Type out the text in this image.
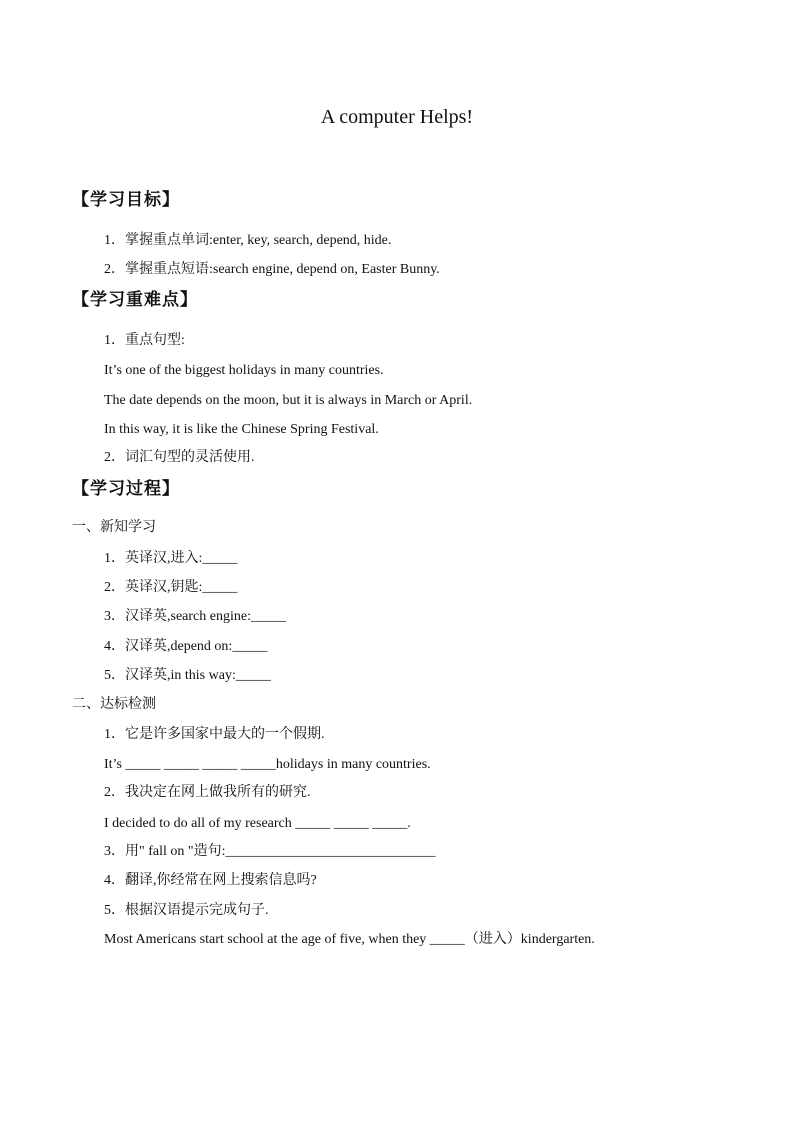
A computer Helps!
【学习目标】
1．掌握重点单词:enter, key, search, depend, hide.
2．掌握重点短语:search engine, depend on, Easter Bunny.
【学习重难点】
1．重点句型:
It’s one of the biggest holidays in many countries.
The date depends on the moon, but it is always in March or April.
In this way, it is like the Chinese Spring Festival.
2．词汇句型的灵活使用.
【学习过程】
一、新知学习
1．英译汉,进入:_____
2．英译汉,钥匙:_____
3．汉译英,search engine:_____
4．汉译英,depend on:_____
5．汉译英,in this way:_____
二、达标检测
1．它是许多国家中最大的一个假期.
It’s _____ _____ _____ _____holidays in many countries.
2．我决定在网上做我所有的研究.
I decided to do all of my research _____ _____ _____.
3．用" fall on "造句:______________________________
4．翻译,你经常在网上搜索信息吗?
5．根据汉语提示完成句子.
Most Americans start school at the age of five, when they _____（进入）kindergarten.
